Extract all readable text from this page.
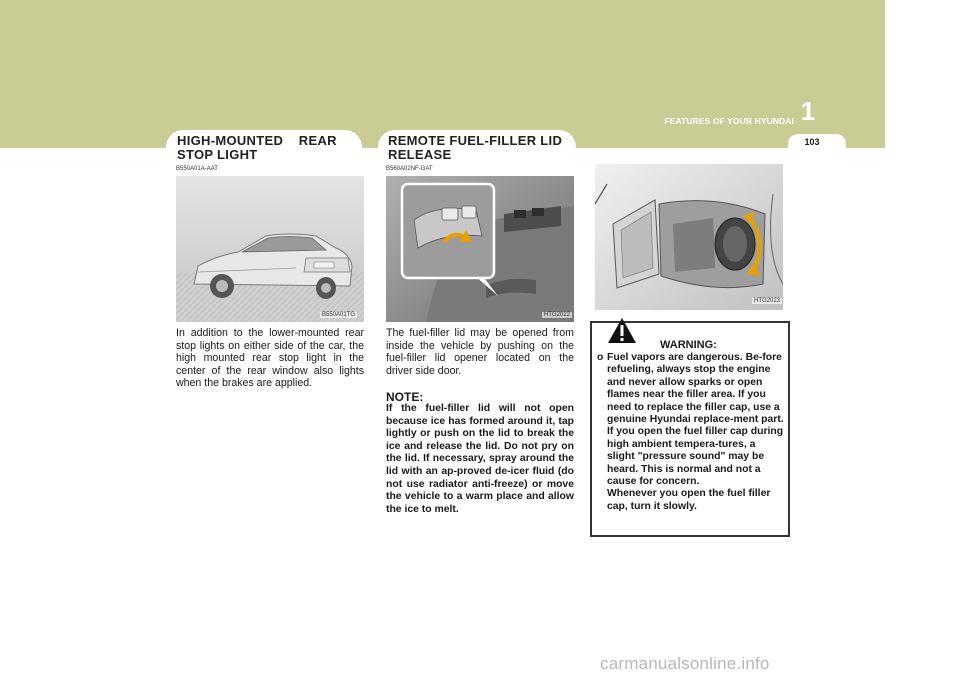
FEATURES OF YOUR HYUNDAI 1
103
HIGH-MOUNTED    REAR
STOP LIGHT
B550A01A-AAT
B550A01TG
In addition to the lower-mounted rear stop lights on either side of the car, the high mounted rear stop light in the center of the rear window also lights when the brakes are applied.
REMOTE FUEL-FILLER LID
RELEASE
B560A02NF-GAT
HTG2022
The fuel-filler lid may be opened from inside the vehicle by pushing on the fuel-filler lid opener located on the driver side door.
NOTE:
If the fuel-filler lid will not open because ice has formed around it, tap lightly or push on the lid to break the ice and release the lid. Do not pry on the lid. If necessary, spray around the lid with an ap-proved de-icer fluid (do not use radiator anti-freeze) or move the vehicle to a warm place and allow the ice to melt.
HTG2023
WARNING:
o Fuel vapors are dangerous. Be-fore refueling, always stop the engine and never allow sparks or open flames near the filler area. If you need to replace the filler cap, use a genuine Hyundai replace-ment part.

If you open the fuel filler cap during high ambient tempera-tures, a slight "pressure sound" may be heard. This is normal and not a cause for concern.

Whenever you open the fuel filler cap, turn it slowly.

carmanualsonline.info
